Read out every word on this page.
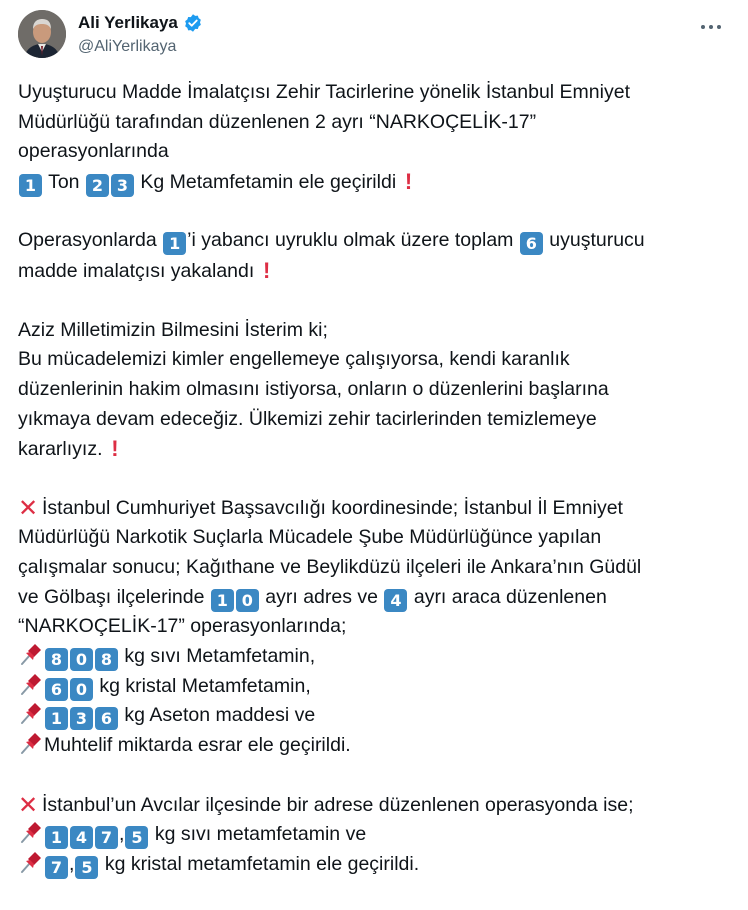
Ali Yerlikaya
@AliYerlikaya
Uyuşturucu Madde İmalatçısı Zehir Tacirlerine yönelik İstanbul Emniyet
Müdürlüğü tarafından düzenlenen 2 ayrı “NARKOÇELİK-17”
operasyonlarında
1 Ton 2 3 Kg Metamfetamin ele geçirildi !
Operasyonlarda 1 ’i yabancı uyruklu olmak üzere toplam 6 uyuşturucu
madde imalatçısı yakalandı !
Aziz Milletimizin Bilmesini İsterim ki;
Bu mücadelemizi kimler engellemeye çalışıyorsa, kendi karanlık
düzenlerinin hakim olmasını istiyorsa, onların o düzenlerini başlarına
yıkmaya devam edeceğiz. Ülkemizi zehir tacirlerinden temizlemeye
kararlıyız. !
✕ İstanbul Cumhuriyet Başsavcılığı koordinesinde; İstanbul İl Emniyet
Müdürlüğü Narkotik Suçlarla Mücadele Şube Müdürlüğünce yapılan
çalışmalar sonucu; Kağıthane ve Beylikdüzü ilçeleri ile Ankara’nın Güdül
ve Gölbaşı ilçelerinde 1 0 ayrı adres ve 4 ayrı araca düzenlenen
“NARKOÇELİK-17” operasyonlarında;
8 0 8 kg sıvı Metamfetamin,
6 0 kg kristal Metamfetamin,
1 3 6 kg Aseton maddesi ve
Muhtelif miktarda esrar ele geçirildi.
✕ İstanbul’un Avcılar ilçesinde bir adrese düzenlenen operasyonda ise;
1 4 7 , 5 kg sıvı metamfetamin ve
7 , 5 kg kristal metamfetamin ele geçirildi.
